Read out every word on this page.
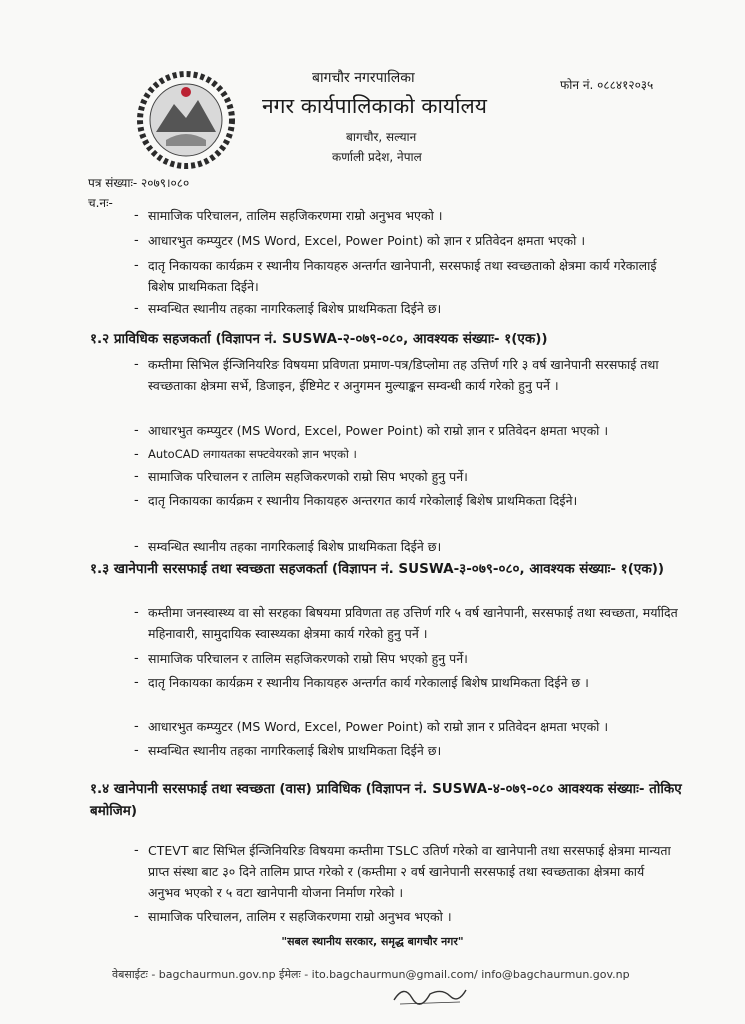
बागचौर नगरपालिका
नगर कार्यपालिकाको कार्यालय
बागचौर, सल्यान
कर्णाली प्रदेश, नेपाल
फोन नं. ०८८४१२०३५
पत्र संख्याः- २०७९।०८०
च.नः-
- सामाजिक परिचालन, तालिम सहजिकरणमा राम्रो अनुभव भएको ।
- आधारभुत कम्प्युटर (MS Word, Excel, Power Point) को ज्ञान र प्रतिवेदन क्षमता भएको ।
- दातृ निकायका कार्यक्रम र स्थानीय निकायहरु अन्तर्गत खानेपानी, सरसफाई तथा स्वच्छताको क्षेत्रमा कार्य गरेकालाई बिशेष प्राथमिकता दिईने।
- सम्वन्धित स्थानीय तहका नागरिकलाई बिशेष प्राथमिकता दिईने छ।
१.२ प्राविधिक सहजकर्ता (विज्ञापन नं. SUSWA-२-०७९-०८०, आवश्यक संख्याः- १(एक))
- कम्तीमा सिभिल ईन्जिनियरिङ विषयमा प्रविणता प्रमाण-पत्र/डिप्लोमा तह उत्तिर्ण गरि ३ वर्ष खानेपानी सरसफाई तथा स्वच्छताका क्षेत्रमा सर्भे, डिजाइन, ईष्टिमेट र अनुगमन मुल्याङ्कन सम्वन्धी कार्य गरेको हुनु पर्ने ।
- आधारभुत कम्प्युटर (MS Word, Excel, Power Point) को राम्रो ज्ञान र प्रतिवेदन क्षमता भएको ।
- AutoCAD लगायतका सफ्टवेयरको ज्ञान भएको ।
- सामाजिक परिचालन र तालिम सहजिकरणको राम्रो सिप भएको हुनु पर्ने।
- दातृ निकायका कार्यक्रम र स्थानीय निकायहरु अन्तरगत कार्य गरेकोलाई बिशेष प्राथमिकता दिईने।
- सम्वन्धित स्थानीय तहका नागरिकलाई बिशेष प्राथमिकता दिईने छ।
१.३ खानेपानी सरसफाई तथा स्वच्छता सहजकर्ता (विज्ञापन नं. SUSWA-३-०७९-०८०, आवश्यक संख्याः- १(एक))
- कम्तीमा जनस्वास्थ्य वा सो सरहका बिषयमा प्रविणता तह उत्तिर्ण गरि ५ वर्ष खानेपानी, सरसफाई तथा स्वच्छता, मर्यादित महिनावारी, सामुदायिक स्वास्थ्यका क्षेत्रमा कार्य गरेको हुनु पर्ने ।
- सामाजिक परिचालन र तालिम सहजिकरणको राम्रो सिप भएको हुनु पर्ने।
- दातृ निकायका कार्यक्रम र स्थानीय निकायहरु अन्तर्गत कार्य गरेकालाई बिशेष प्राथमिकता दिईने छ ।
- आधारभुत कम्प्युटर (MS Word, Excel, Power Point) को राम्रो ज्ञान र प्रतिवेदन क्षमता भएको ।
- सम्वन्धित स्थानीय तहका नागरिकलाई बिशेष प्राथमिकता दिईने छ।
१.४ खानेपानी सरसफाई तथा स्वच्छता (वास) प्राविधिक (विज्ञापन नं. SUSWA-४-०७९-०८० आवश्यक संख्याः- तोकिए बमोजिम)
- CTEVT बाट सिभिल ईन्जिनियरिङ विषयमा कम्तीमा TSLC उतिर्ण गरेको वा खानेपानी तथा सरसफाई क्षेत्रमा मान्यता प्राप्त संस्था बाट ३० दिने तालिम प्राप्त गरेको र (कम्तीमा २ वर्ष खानेपानी सरसफाई तथा स्वच्छताका क्षेत्रमा कार्य अनुभव भएको र ५ वटा खानेपानी योजना निर्माण गरेको ।
- सामाजिक परिचालन, तालिम र सहजिकरणमा राम्रो अनुभव भएको ।
"सबल स्थानीय सरकार, समृद्ध बागचौर नगर"
वेबसाईटः - bagchaurmun.gov.np ईमेलः - ito.bagchaurmun@gmail.com/ info@bagchaurmun.gov.np
